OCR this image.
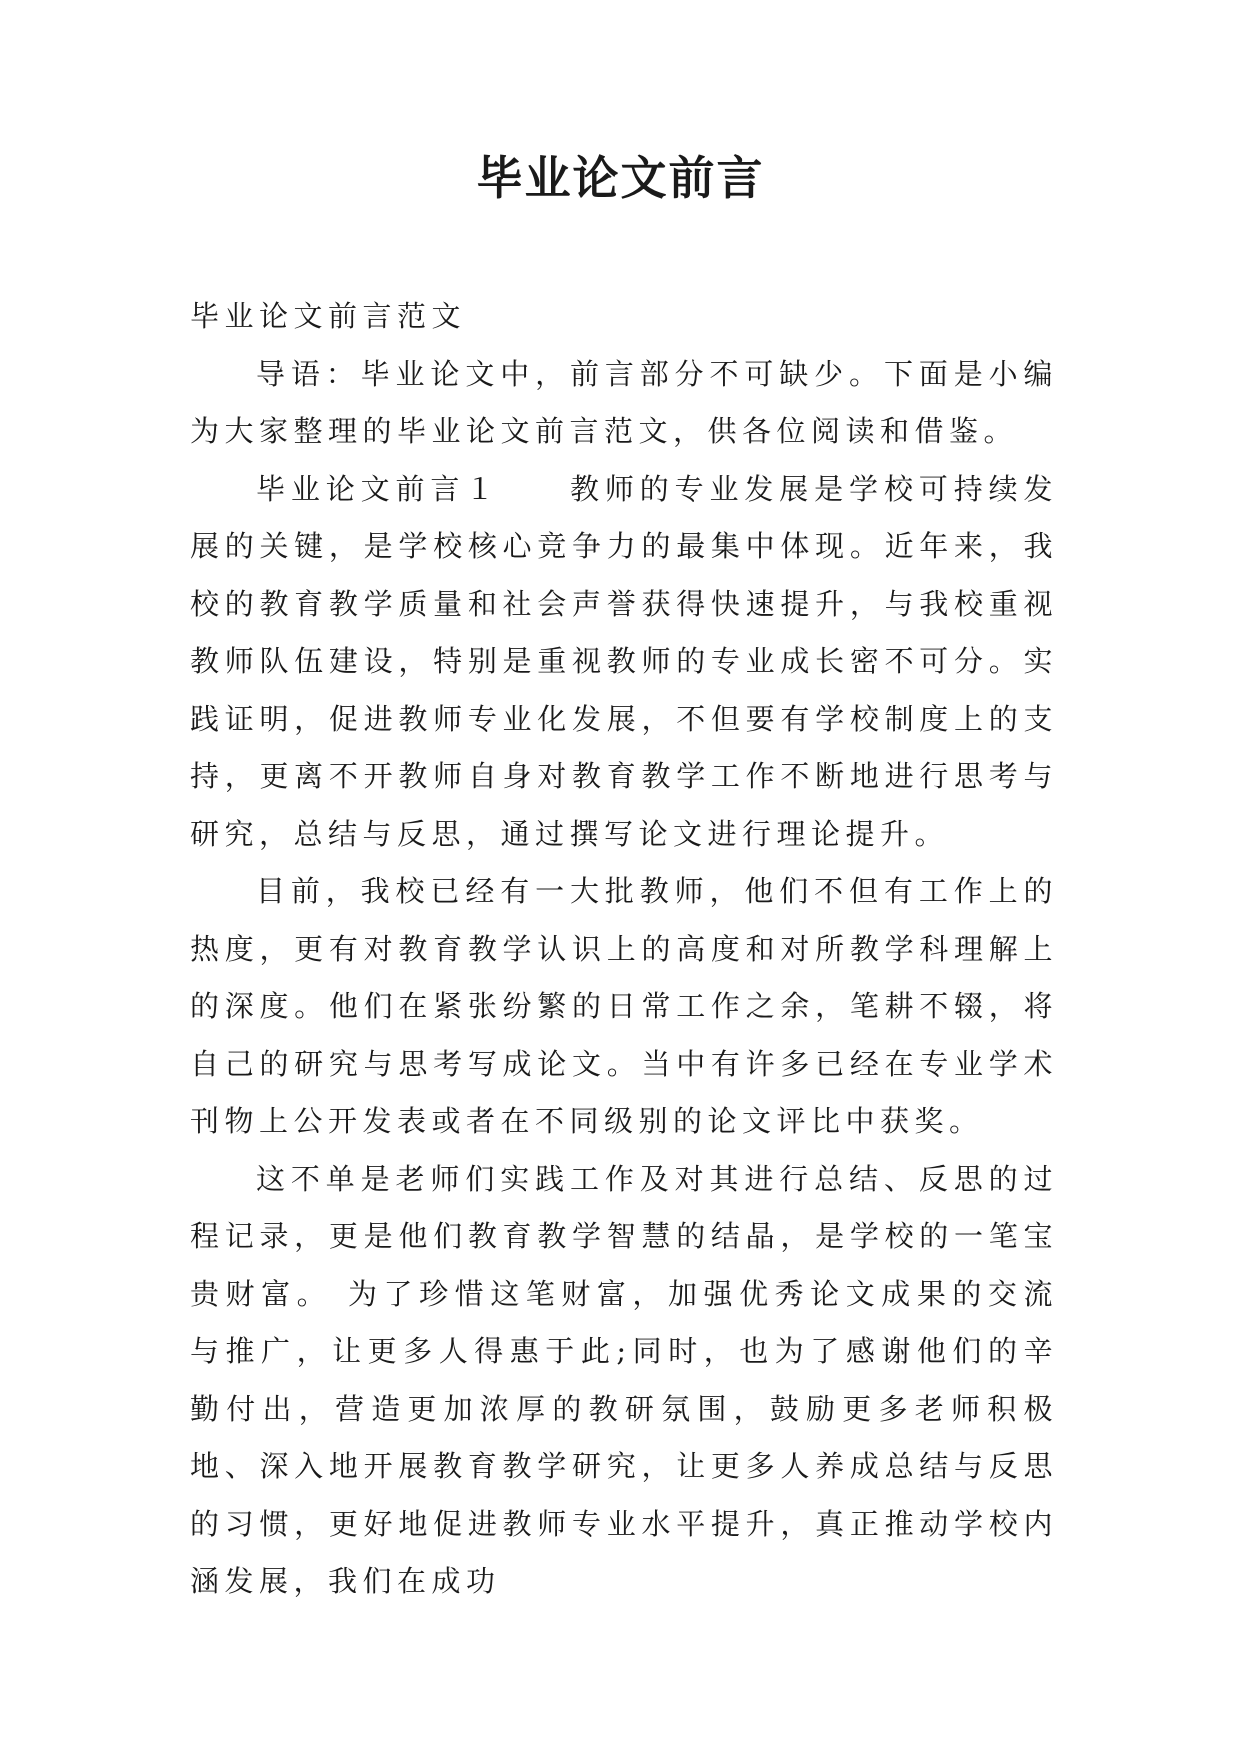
毕业论文前言

毕业论文前言范文

导语：毕业论文中，前言部分不可缺少。下面是小编为大家整理的毕业论文前言范文，供各位阅读和借鉴。

毕业论文前言１　　教师的专业发展是学校可持续发展的关键，是学校核心竞争力的最集中体现。近年来，我校的教育教学质量和社会声誉获得快速提升，与我校重视教师队伍建设，特别是重视教师的专业成长密不可分。实践证明，促进教师专业化发展，不但要有学校制度上的支持，更离不开教师自身对教育教学工作不断地进行思考与研究，总结与反思，通过撰写论文进行理论提升。

目前，我校已经有一大批教师，他们不但有工作上的热度，更有对教育教学认识上的高度和对所教学科理解上的深度。他们在紧张纷繁的日常工作之余，笔耕不辍，将自己的研究与思考写成论文。当中有许多已经在专业学术刊物上公开发表或者在不同级别的论文评比中获奖。

这不单是老师们实践工作及对其进行总结、反思的过程记录，更是他们教育教学智慧的结晶，是学校的一笔宝贵财富。 为了珍惜这笔财富，加强优秀论文成果的交流与推广，让更多人得惠于此;同时，也为了感谢他们的辛勤付出，营造更加浓厚的教研氛围，鼓励更多老师积极地、深入地开展教育教学研究，让更多人养成总结与反思的习惯，更好地促进教师专业水平提升，真正推动学校内涵发展，我们在成功
